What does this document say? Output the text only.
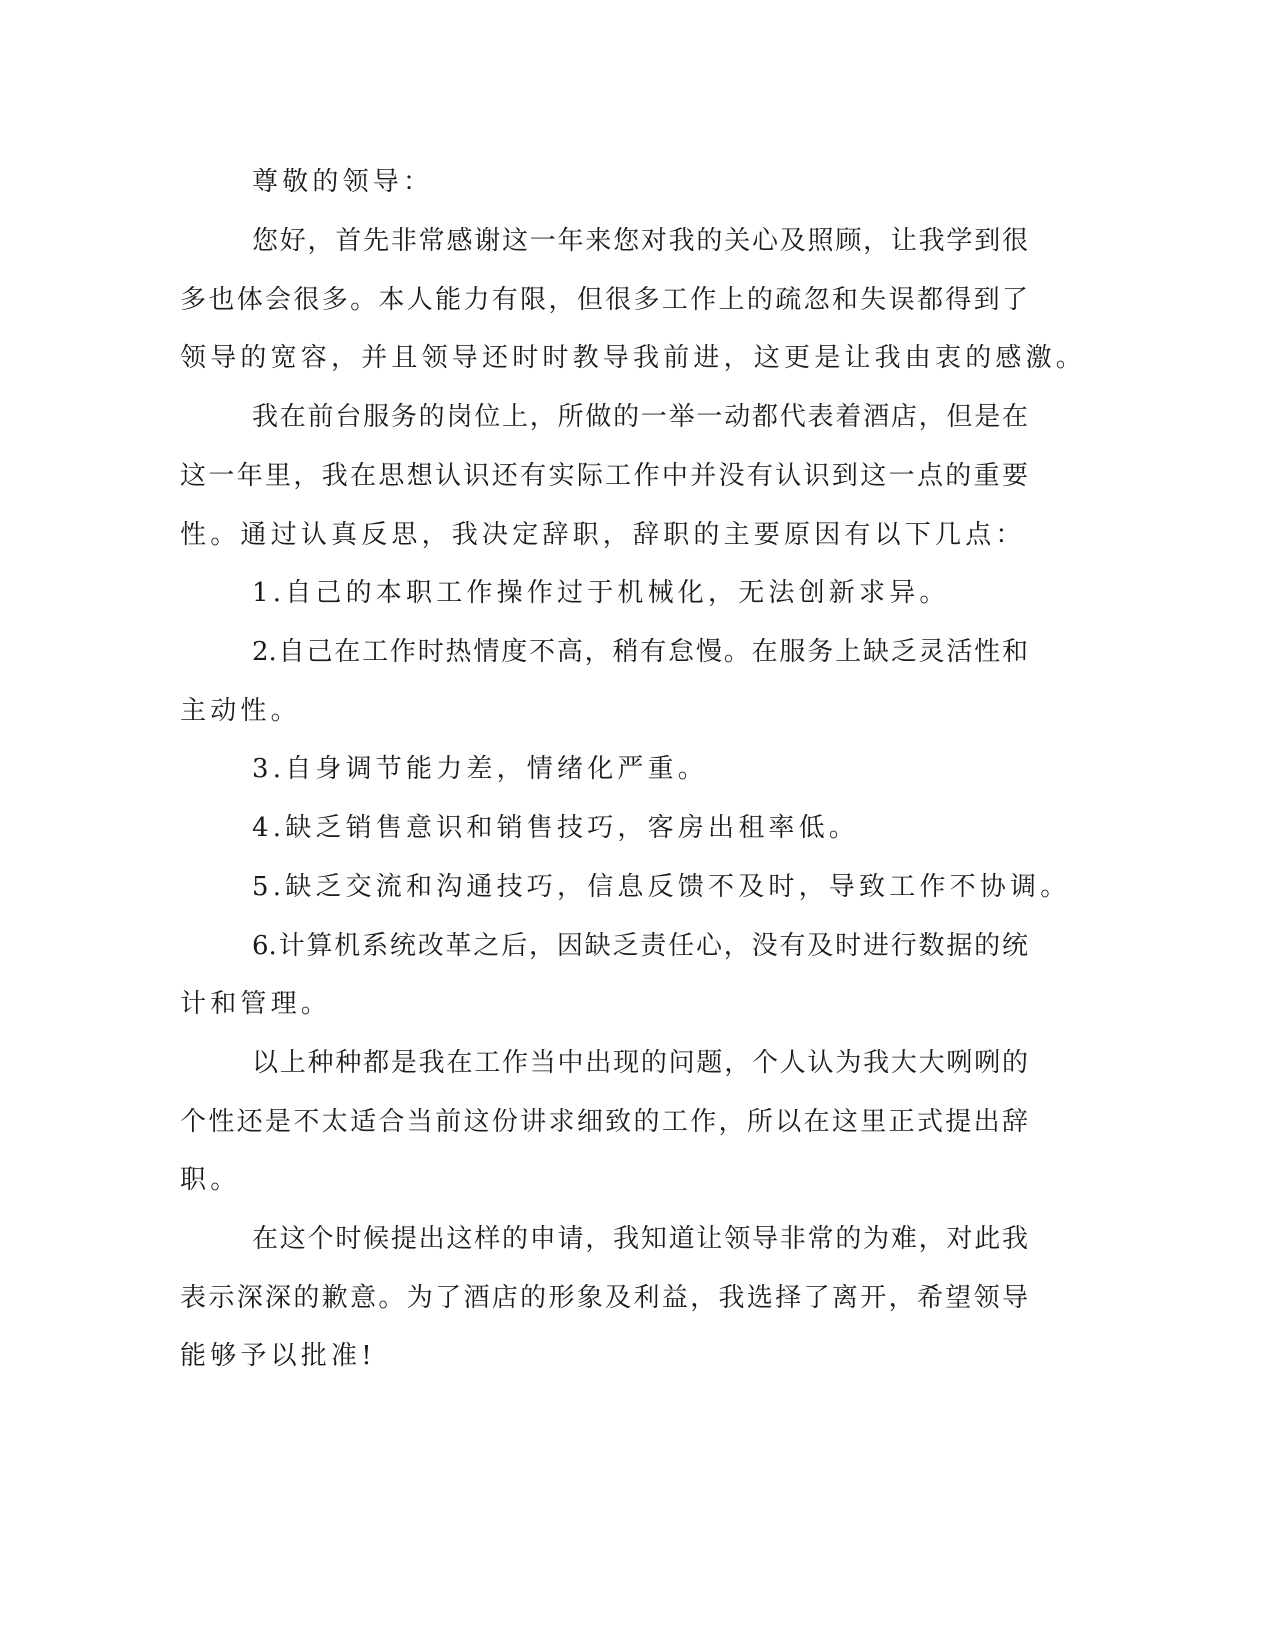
尊敬的领导：
您好，首先非常感谢这一年来您对我的关心及照顾，让我学到很
多也体会很多。本人能力有限，但很多工作上的疏忽和失误都得到了
领导的宽容，并且领导还时时教导我前进，这更是让我由衷的感激。
我在前台服务的岗位上，所做的一举一动都代表着酒店，但是在
这一年里，我在思想认识还有实际工作中并没有认识到这一点的重要
性。通过认真反思，我决定辞职，辞职的主要原因有以下几点：
1.自己的本职工作操作过于机械化，无法创新求异。
2.自己在工作时热情度不高，稍有怠慢。在服务上缺乏灵活性和
主动性。
3.自身调节能力差，情绪化严重。
4.缺乏销售意识和销售技巧，客房出租率低。
5.缺乏交流和沟通技巧，信息反馈不及时，导致工作不协调。
6.计算机系统改革之后，因缺乏责任心，没有及时进行数据的统
计和管理。
以上种种都是我在工作当中出现的问题，个人认为我大大咧咧的
个性还是不太适合当前这份讲求细致的工作，所以在这里正式提出辞
职。
在这个时候提出这样的申请，我知道让领导非常的为难，对此我
表示深深的歉意。为了酒店的形象及利益，我选择了离开，希望领导
能够予以批准!
